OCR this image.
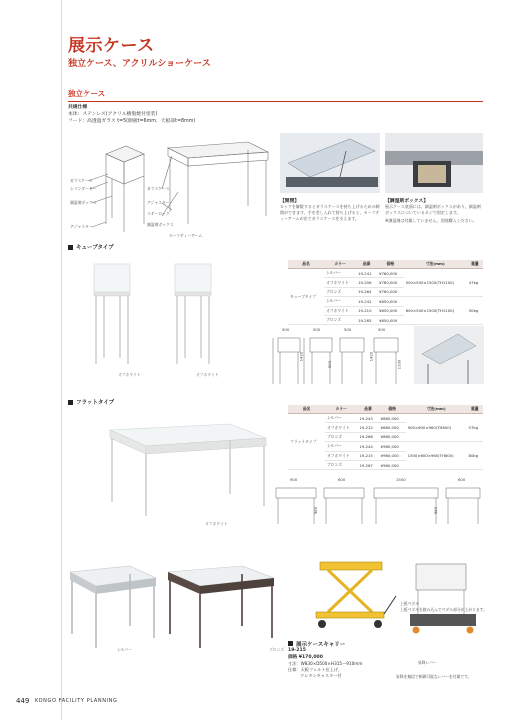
展示ケース
独立ケース、アクリルショーケース
独立ケース
共通仕様
本体：ステンレス(アクリル樹脂焼付塗装)
フード：高透過ガラス t=5(側板t=6mm、天板部t=8mm)
ガラスケース
シリンダーキー
調湿剤ボックス
アジャスター
ガラスケース
アジャスター
ステーロック
調湿剤ボックス
セーフティーアーム
【開閉】
ロックを解錠するとガラスケースを持ち上げるための隙間ができます。手を差し入れて持ち上げると、セーフティーアームが出てガラスケースを支えます。
【調湿剤ボックス】
展示ケース底面には、調湿剤ボックスがあり、調湿剤ボックスについているネジで固定します。
※調湿剤は付属していません。別途購入ください。
キューブタイプ
オフホワイト	オフホワイト
品名	カラー	品番	価格	寸法(mm)	重量
キューブタイプ	シルバー	19-241	¥760,000	500×500×1500(TH1100)	47kg
	オフホワイト	19-206	¥760,000		
	ブロンズ	19-264	¥760,000		
	シルバー	19-242	¥650,000	600×500×1500(TH1100)	50kg
	オフホワイト	19-210	¥650,000		
	ブロンズ	19-265	¥650,000		
500	500	500	500
1420	1420
900	1100
フラットタイプ
オフホワイト
品名	カラー	品番	価格	寸法(mm)	重量
フラットタイプ	シルバー	19-243	¥860,000	900×600×960(TH800)	57kg
	オフホワイト	19-212	¥860,000		
	ブロンズ	19-266	¥860,000		
	シルバー	19-244	¥960,000	1500×600×960(TH800)	80kg
	オフホワイト	19-215	¥960,000		
	ブロンズ	19-267	¥960,000		
900	600	1500	600
960	960
シルバー	ブロンズ
上板ペダル
上板ペダルを踏み込んでペダル部分が上がります。
昇降レバー
昇降を無段で制御可能なレバーを付属です。
展示ケースキャリー
19-215
価格 ¥170,000
寸法：W830×D500×H315～910mm
仕様：天板フェルト仕上げ、
ウレタンキャスター付
449 KONGO FACILITY PLANNING
